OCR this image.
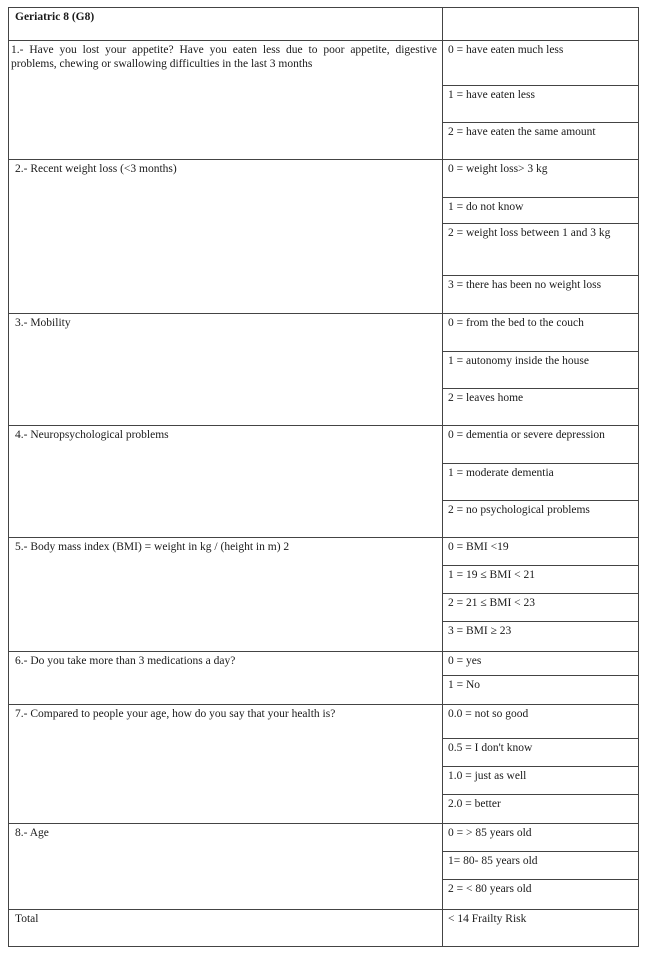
Geriatric 8 (G8)	
1.- Have you lost your appetite? Have you eaten less due to poor appetite, digestive problems, chewing or swallowing difficulties in the last 3 months	0 = have eaten much less
	1 = have eaten less
	2 = have eaten the same amount
2.- Recent weight loss (<3 months)	0 = weight loss> 3 kg
	1 = do not know
	2 = weight loss between 1 and 3 kg
	3 = there has been no weight loss
3.- Mobility	0 = from the bed to the couch
	1 = autonomy inside the house
	2 = leaves home
4.- Neuropsychological problems	0 = dementia or severe depression
	1 = moderate dementia
	2 = no psychological problems
5.- Body mass index (BMI) = weight in kg / (height in m) 2	0 = BMI <19
	1 = 19 ≤ BMI < 21
	2 = 21 ≤ BMI < 23
	3 = BMI ≥ 23
6.- Do you take more than 3 medications a day?	0 = yes
	1 = No
7.- Compared to people your age, how do you say that your health is?	0.0 = not so good
	0.5 = I don't know
	1.0 = just as well
	2.0 = better
8.- Age	0 = > 85 years old
	1= 80- 85 years old
	2 = < 80 years old
Total	< 14 Frailty Risk
